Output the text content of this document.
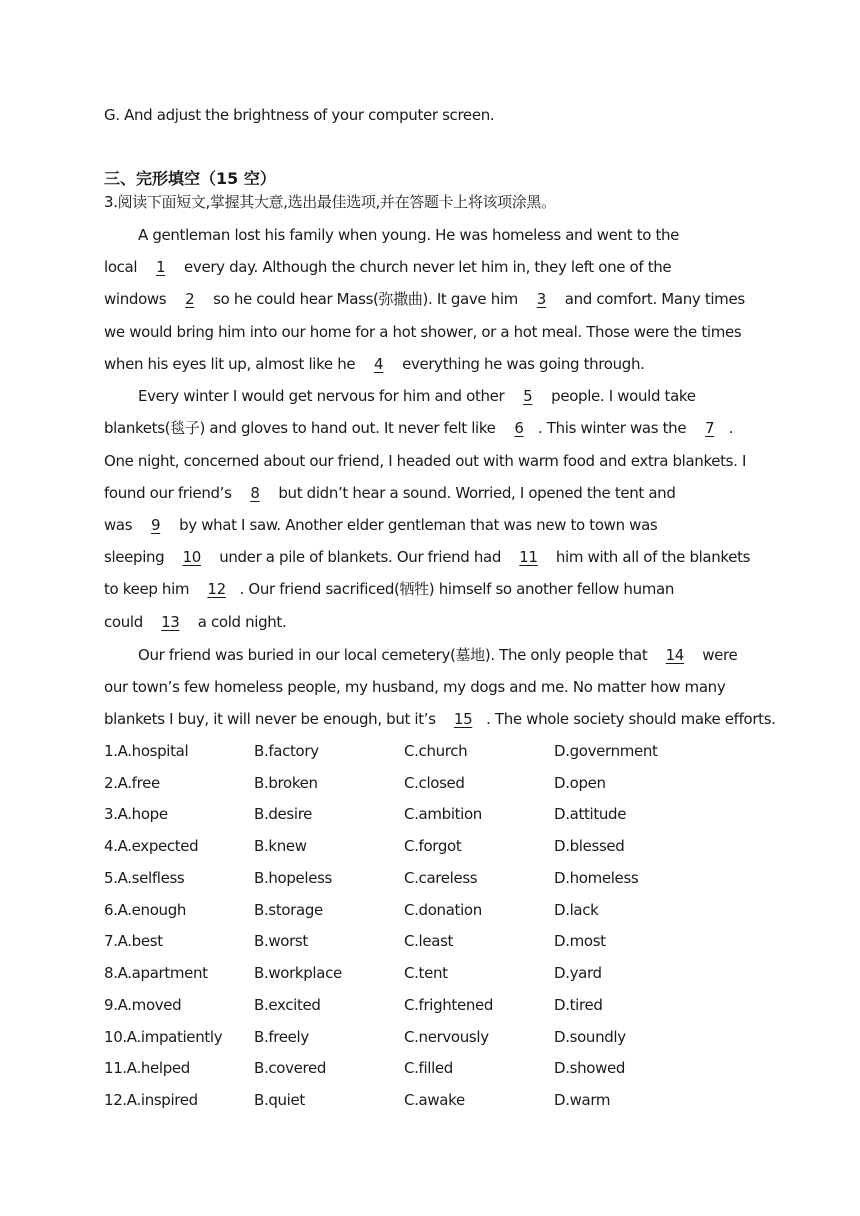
G. And adjust the brightness of your computer screen.
三、完形填空（15 空）
3.阅读下面短文,掌握其大意,选出最佳选项,并在答题卡上将该项涂黑。
A gentleman lost his family when young. He was homeless and went to the
local 1 every day. Although the church never let him in, they left one of the
windows 2 so he could hear Mass(弥撒曲). It gave him 3 and comfort. Many times
we would bring him into our home for a hot shower, or a hot meal. Those were the times
when his eyes lit up, almost like he 4 everything he was going through.
Every winter I would get nervous for him and other 5 people. I would take
blankets(毯子) and gloves to hand out. It never felt like 6 . This winter was the 7 .
One night, concerned about our friend, I headed out with warm food and extra blankets. I
found our friend’s 8 but didn’t hear a sound. Worried, I opened the tent and
was 9 by what I saw. Another elder gentleman that was new to town was
sleeping 10 under a pile of blankets. Our friend had 11 him with all of the blankets
to keep him 12 . Our friend sacrificed(牺牲) himself so another fellow human
could 13 a cold night.
Our friend was buried in our local cemetery(墓地). The only people that 14 were
our town’s few homeless people, my husband, my dogs and me. No matter how many
blankets I buy, it will never be enough, but it’s 15 . The whole society should make efforts.
1.A.hospital	B.factory	C.church	D.government
2.A.free	B.broken	C.closed	D.open
3.A.hope	B.desire	C.ambition	D.attitude
4.A.expected	B.knew	C.forgot	D.blessed
5.A.selfless	B.hopeless	C.careless	D.homeless
6.A.enough	B.storage	C.donation	D.lack
7.A.best	B.worst	C.least	D.most
8.A.apartment	B.workplace	C.tent	D.yard
9.A.moved	B.excited	C.frightened	D.tired
10.A.impatiently B.freely	C.nervously	D.soundly
11.A.helped	B.covered	C.filled	D.showed
12.A.inspired	B.quiet	C.awake	D.warm
